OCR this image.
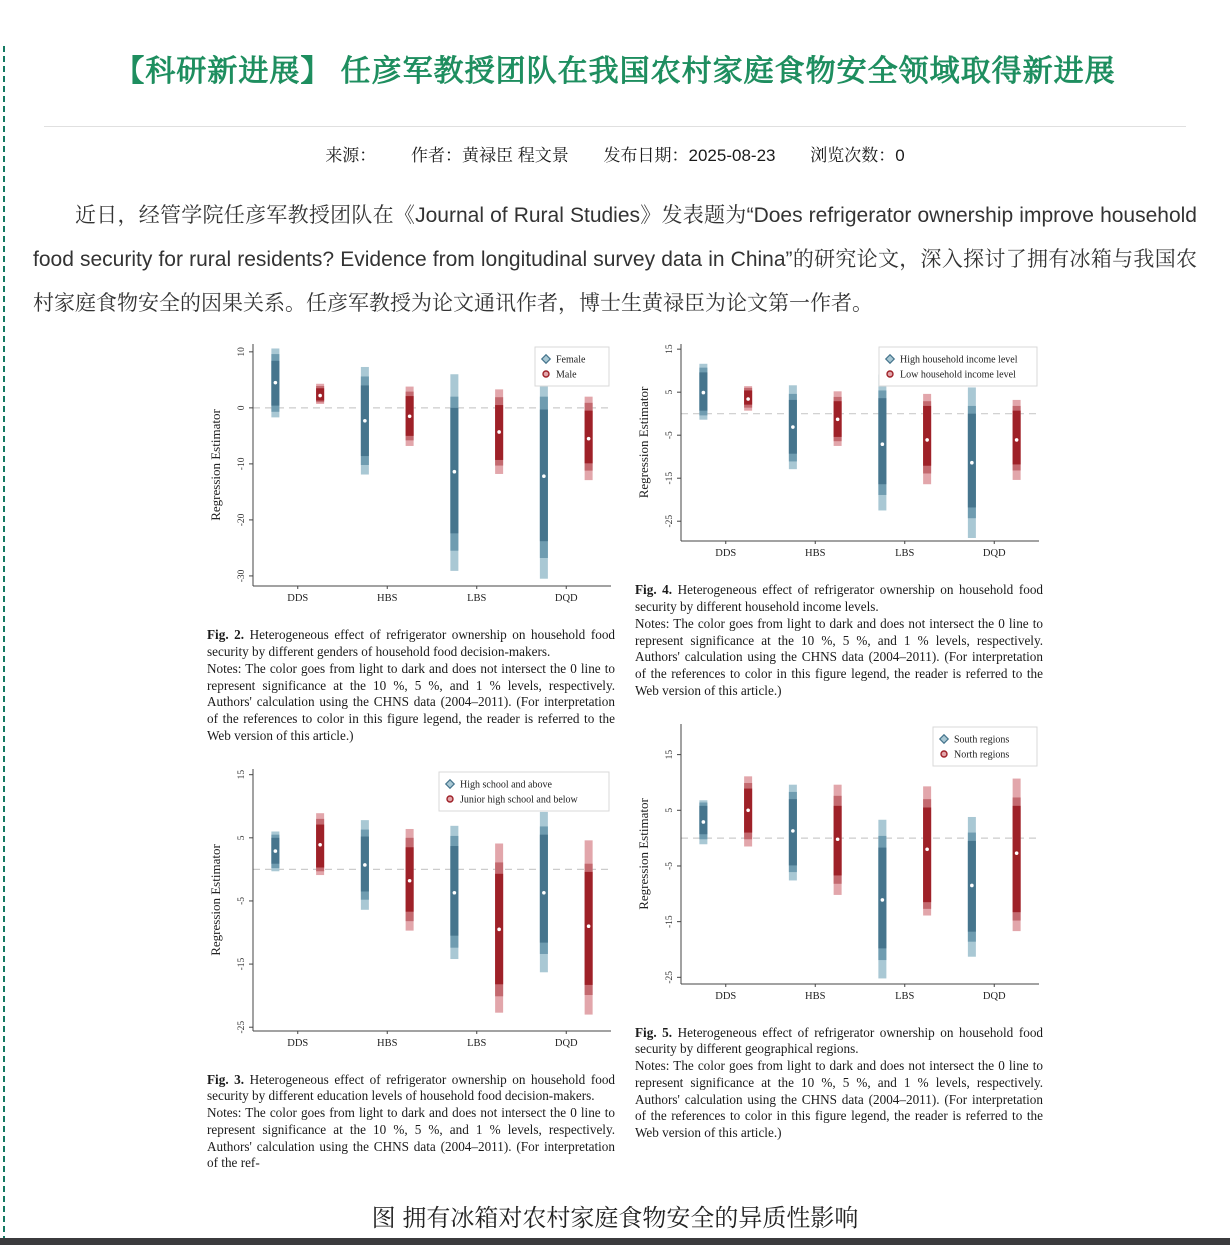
【科研新进展】 任彦军教授团队在我国农村家庭食物安全领域取得新进展
来源： 作者：黄禄臣 程文景 发布日期：2025-08-23 浏览次数：0

近日，经管学院任彦军教授团队在《Journal of Rural Studies》发表题为“Does refrigerator ownership improve household food security for rural residents? Evidence from longitudinal survey data in China”的研究论文，深入探讨了拥有冰箱与我国农村家庭食物安全的因果关系。任彦军教授为论文通讯作者，博士生黄禄臣为论文第一作者。

10
0
-10
-20
-30
Regression Estimator
DDS	HBS	LBS	DQD
Female
Male
Fig. 2. Heterogeneous effect of refrigerator ownership on household food security by different genders of household food decision-makers.
Notes: The color goes from light to dark and does not intersect the 0 line to represent significance at the 10 %, 5 %, and 1 % levels, respectively. Authors' calculation using the CHNS data (2004–2011). (For interpretation of the references to color in this figure legend, the reader is referred to the Web version of this article.)
15
5
-5
-15
-25
Regression Estimator
DDS	HBS	LBS	DQD
High school and above
Junior high school and below
Fig. 3. Heterogeneous effect of refrigerator ownership on household food security by different education levels of household food decision-makers.
Notes: The color goes from light to dark and does not intersect the 0 line to represent significance at the 10 %, 5 %, and 1 % levels, respectively. Authors' calculation using the CHNS data (2004–2011). (For interpretation of the ref-
15
5
-5
-15
-25
Regression Estimator
DDS	HBS	LBS	DQD
High household income level
Low household income level
Fig. 4. Heterogeneous effect of refrigerator ownership on household food security by different household income levels.
Notes: The color goes from light to dark and does not intersect the 0 line to represent significance at the 10 %, 5 %, and 1 % levels, respectively. Authors' calculation using the CHNS data (2004–2011). (For interpretation of the references to color in this figure legend, the reader is referred to the Web version of this article.)
15
5
-5
-15
-25
Regression Estimator
DDS	HBS	LBS	DQD
South regions
North regions
Fig. 5. Heterogeneous effect of refrigerator ownership on household food security by different geographical regions.
Notes: The color goes from light to dark and does not intersect the 0 line to represent significance at the 10 %, 5 %, and 1 % levels, respectively. Authors' calculation using the CHNS data (2004–2011). (For interpretation of the references to color in this figure legend, the reader is referred to the Web version of this article.)
图 拥有冰箱对农村家庭食物安全的异质性影响
